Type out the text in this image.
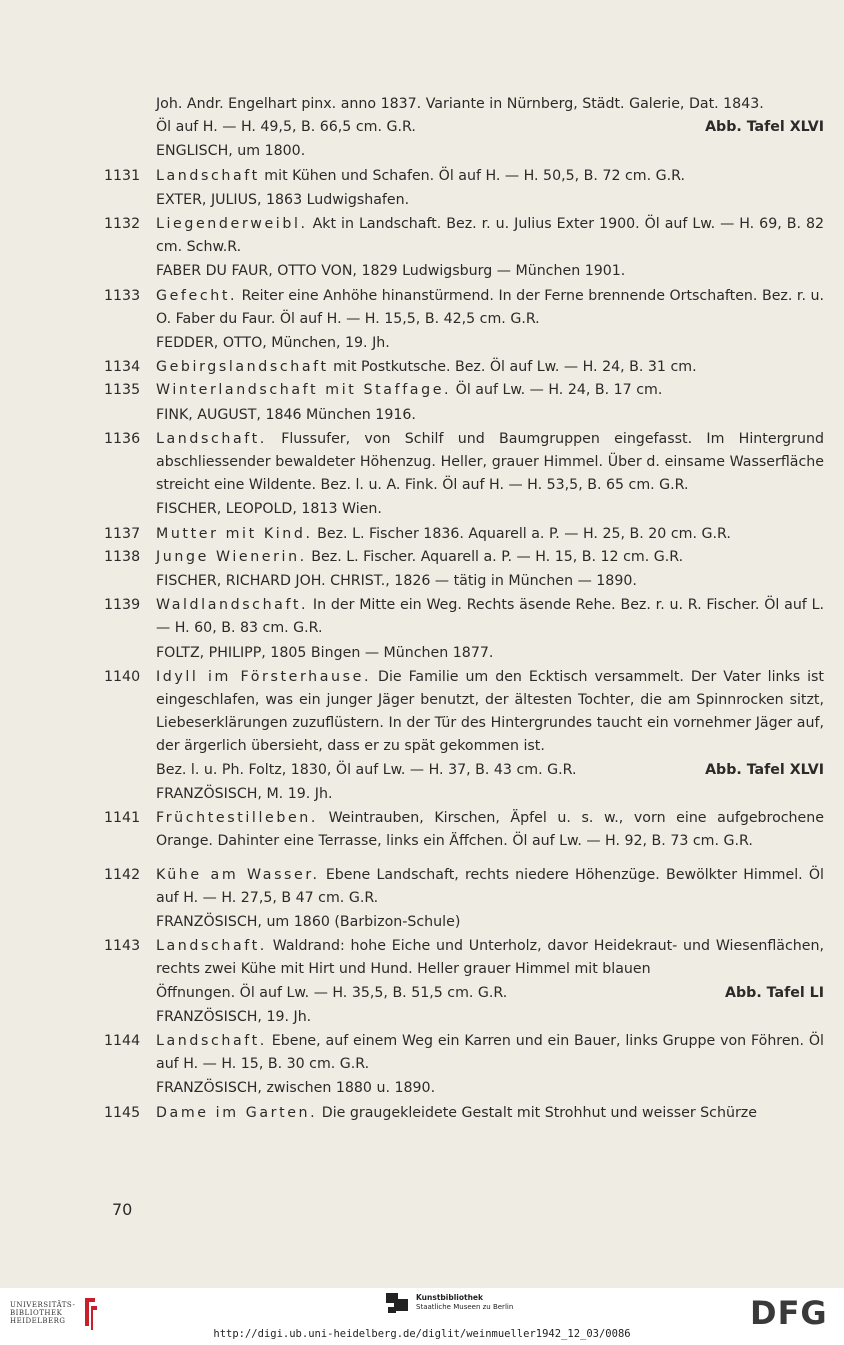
Joh. Andr. Engelhart pinx. anno 1837. Variante in Nürnberg, Städt. Galerie, Dat. 1843.
Öl auf H. — H. 49,5, B. 66,5 cm. G.R.	Abb. Tafel XLVI
ENGLISCH, um 1800.
1131	Landschaft mit Kühen und Schafen. Öl auf H. — H. 50,5, B. 72 cm. G.R.
EXTER, JULIUS, 1863 Ludwigshafen.
1132	Liegenderweibl. Akt in Landschaft. Bez. r. u. Julius Exter 1900. Öl auf Lw. — H. 69, B. 82 cm. Schw.R.
FABER DU FAUR, OTTO VON, 1829 Ludwigsburg — München 1901.
1133	Gefecht. Reiter eine Anhöhe hinanstürmend. In der Ferne brennende Ortschaften. Bez. r. u. O. Faber du Faur. Öl auf H. — H. 15,5, B. 42,5 cm. G.R.
FEDDER, OTTO, München, 19. Jh.
1134	Gebirgslandschaft mit Postkutsche. Bez. Öl auf Lw. — H. 24, B. 31 cm.
1135	Winterlandschaft mit Staffage. Öl auf Lw. — H. 24, B. 17 cm.
FINK, AUGUST, 1846 München 1916.
1136	Landschaft. Flussufer, von Schilf und Baumgruppen eingefasst. Im Hintergrund abschliessender bewaldeter Höhenzug. Heller, grauer Himmel. Über d. einsame Wasserfläche streicht eine Wildente. Bez. l. u. A. Fink. Öl auf H. — H. 53,5, B. 65 cm. G.R.
FISCHER, LEOPOLD, 1813 Wien.
1137	Mutter mit Kind. Bez. L. Fischer 1836. Aquarell a. P. — H. 25, B. 20 cm. G.R.
1138	Junge Wienerin. Bez. L. Fischer. Aquarell a. P. — H. 15, B. 12 cm. G.R.
FISCHER, RICHARD JOH. CHRIST., 1826 — tätig in München — 1890.
1139	Waldlandschaft. In der Mitte ein Weg. Rechts äsende Rehe. Bez. r. u. R. Fischer. Öl auf L. — H. 60, B. 83 cm. G.R.
FOLTZ, PHILIPP, 1805 Bingen — München 1877.
1140	Idyll im Försterhause. Die Familie um den Ecktisch versammelt. Der Vater links ist eingeschlafen, was ein junger Jäger benutzt, der ältesten Tochter, die am Spinnrocken sitzt, Liebeserklärungen zuzuflüstern. In der Tür des Hintergrundes taucht ein vornehmer Jäger auf, der ärgerlich übersieht, dass er zu spät gekommen ist.
Bez. l. u. Ph. Foltz, 1830, Öl auf Lw. — H. 37, B. 43 cm. G.R.	Abb. Tafel XLVI
FRANZÖSISCH, M. 19. Jh.
1141	Früchtestilleben. Weintrauben, Kirschen, Äpfel u. s. w., vorn eine aufgebrochene Orange. Dahinter eine Terrasse, links ein Äffchen. Öl auf Lw. — H. 92, B. 73 cm. G.R.
1142	Kühe am Wasser. Ebene Landschaft, rechts niedere Höhenzüge. Bewölkter Himmel. Öl auf H. — H. 27,5, B 47 cm. G.R.
FRANZÖSISCH, um 1860 (Barbizon-Schule)
1143	Landschaft. Waldrand: hohe Eiche und Unterholz, davor Heidekraut- und Wiesenflächen, rechts zwei Kühe mit Hirt und Hund. Heller grauer Himmel mit blauen
Öffnungen. Öl auf Lw. — H. 35,5, B. 51,5 cm. G.R.	Abb. Tafel LI
FRANZÖSISCH, 19. Jh.
1144	Landschaft. Ebene, auf einem Weg ein Karren und ein Bauer, links Gruppe von Föhren. Öl auf H. — H. 15, B. 30 cm. G.R.
FRANZÖSISCH, zwischen 1880 u. 1890.
1145	Dame im Garten. Die graugekleidete Gestalt mit Strohhut und weisser Schürze
70
UNIVERSITÄTS-
BIBLIOTHEK
HEIDELBERG
Kunstbibliothek
Staatliche Museen zu Berlin	DFG
http://digi.ub.uni-heidelberg.de/diglit/weinmueller1942_12_03/0086
